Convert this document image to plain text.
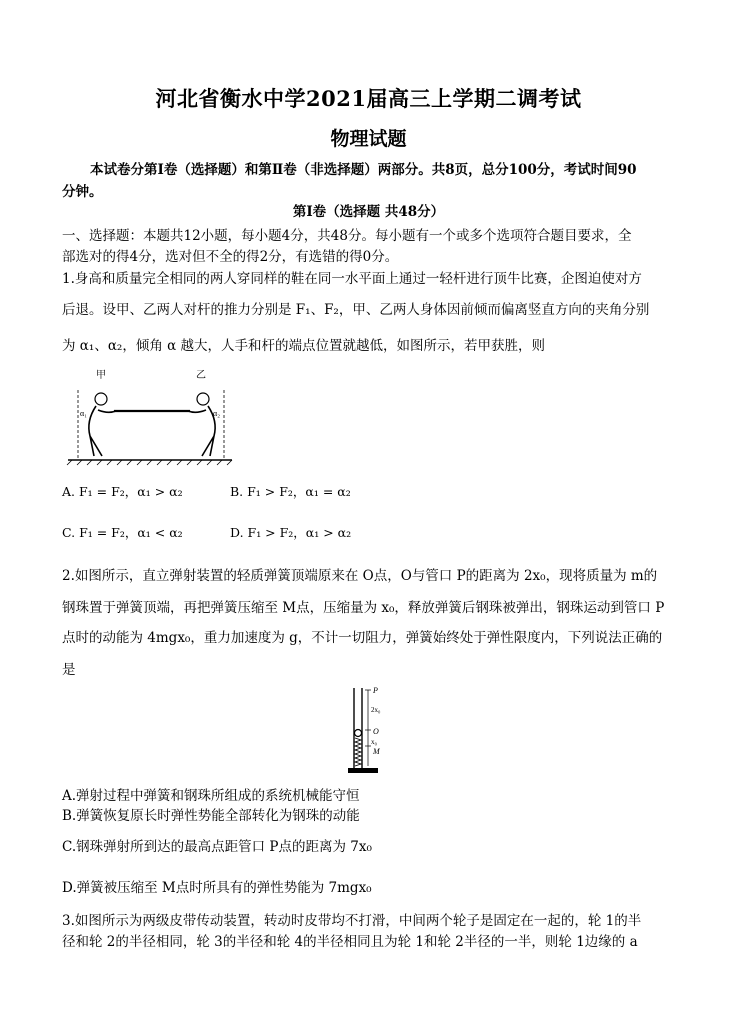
河北省衡水中学2021届高三上学期二调考试
物理试题
本试卷分第Ⅰ卷（选择题）和第Ⅱ卷（非选择题）两部分。共8页，总分100分，考试时间90
分钟。
第Ⅰ卷（选择题 共48分）
一、选择题：本题共12小题，每小题4分，共48分。每小题有一个或多个选项符合题目要求，全
部选对的得4分，选对但不全的得2分，有选错的得0分。
1.身高和质量完全相同的两人穿同样的鞋在同一水平面上通过一轻杆进行顶牛比赛，企图迫使对方
后退。设甲、乙两人对杆的推力分别是 F₁、F₂，甲、乙两人身体因前倾而偏离竖直方向的夹角分别
为 α₁、α₂，倾角 α 越大，人手和杆的端点位置就越低，如图所示，若甲获胜，则
甲	乙
α₁	α₂
A. F₁ = F₂，α₁ > α₂	B. F₁ > F₂，α₁ = α₂
C. F₁ = F₂，α₁ < α₂	D. F₁ > F₂，α₁ > α₂
2.如图所示，直立弹射装置的轻质弹簧顶端原来在 O点，O与管口 P的距离为 2x₀，现将质量为 m的
钢珠置于弹簧顶端，再把弹簧压缩至 M点，压缩量为 x₀，释放弹簧后钢珠被弹出，钢珠运动到管口 P
点时的动能为 4mgx₀，重力加速度为 g，不计一切阻力，弹簧始终处于弹性限度内，下列说法正确的
是
P
2x₀
O
x₀
M
A.弹射过程中弹簧和钢珠所组成的系统机械能守恒
B.弹簧恢复原长时弹性势能全部转化为钢珠的动能
C.钢珠弹射所到达的最高点距管口 P点的距离为 7x₀
D.弹簧被压缩至 M点时所具有的弹性势能为 7mgx₀
3.如图所示为两级皮带传动装置，转动时皮带均不打滑，中间两个轮子是固定在一起的，轮 1的半
径和轮 2的半径相同，轮 3的半径和轮 4的半径相同且为轮 1和轮 2半径的一半，则轮 1边缘的 a
